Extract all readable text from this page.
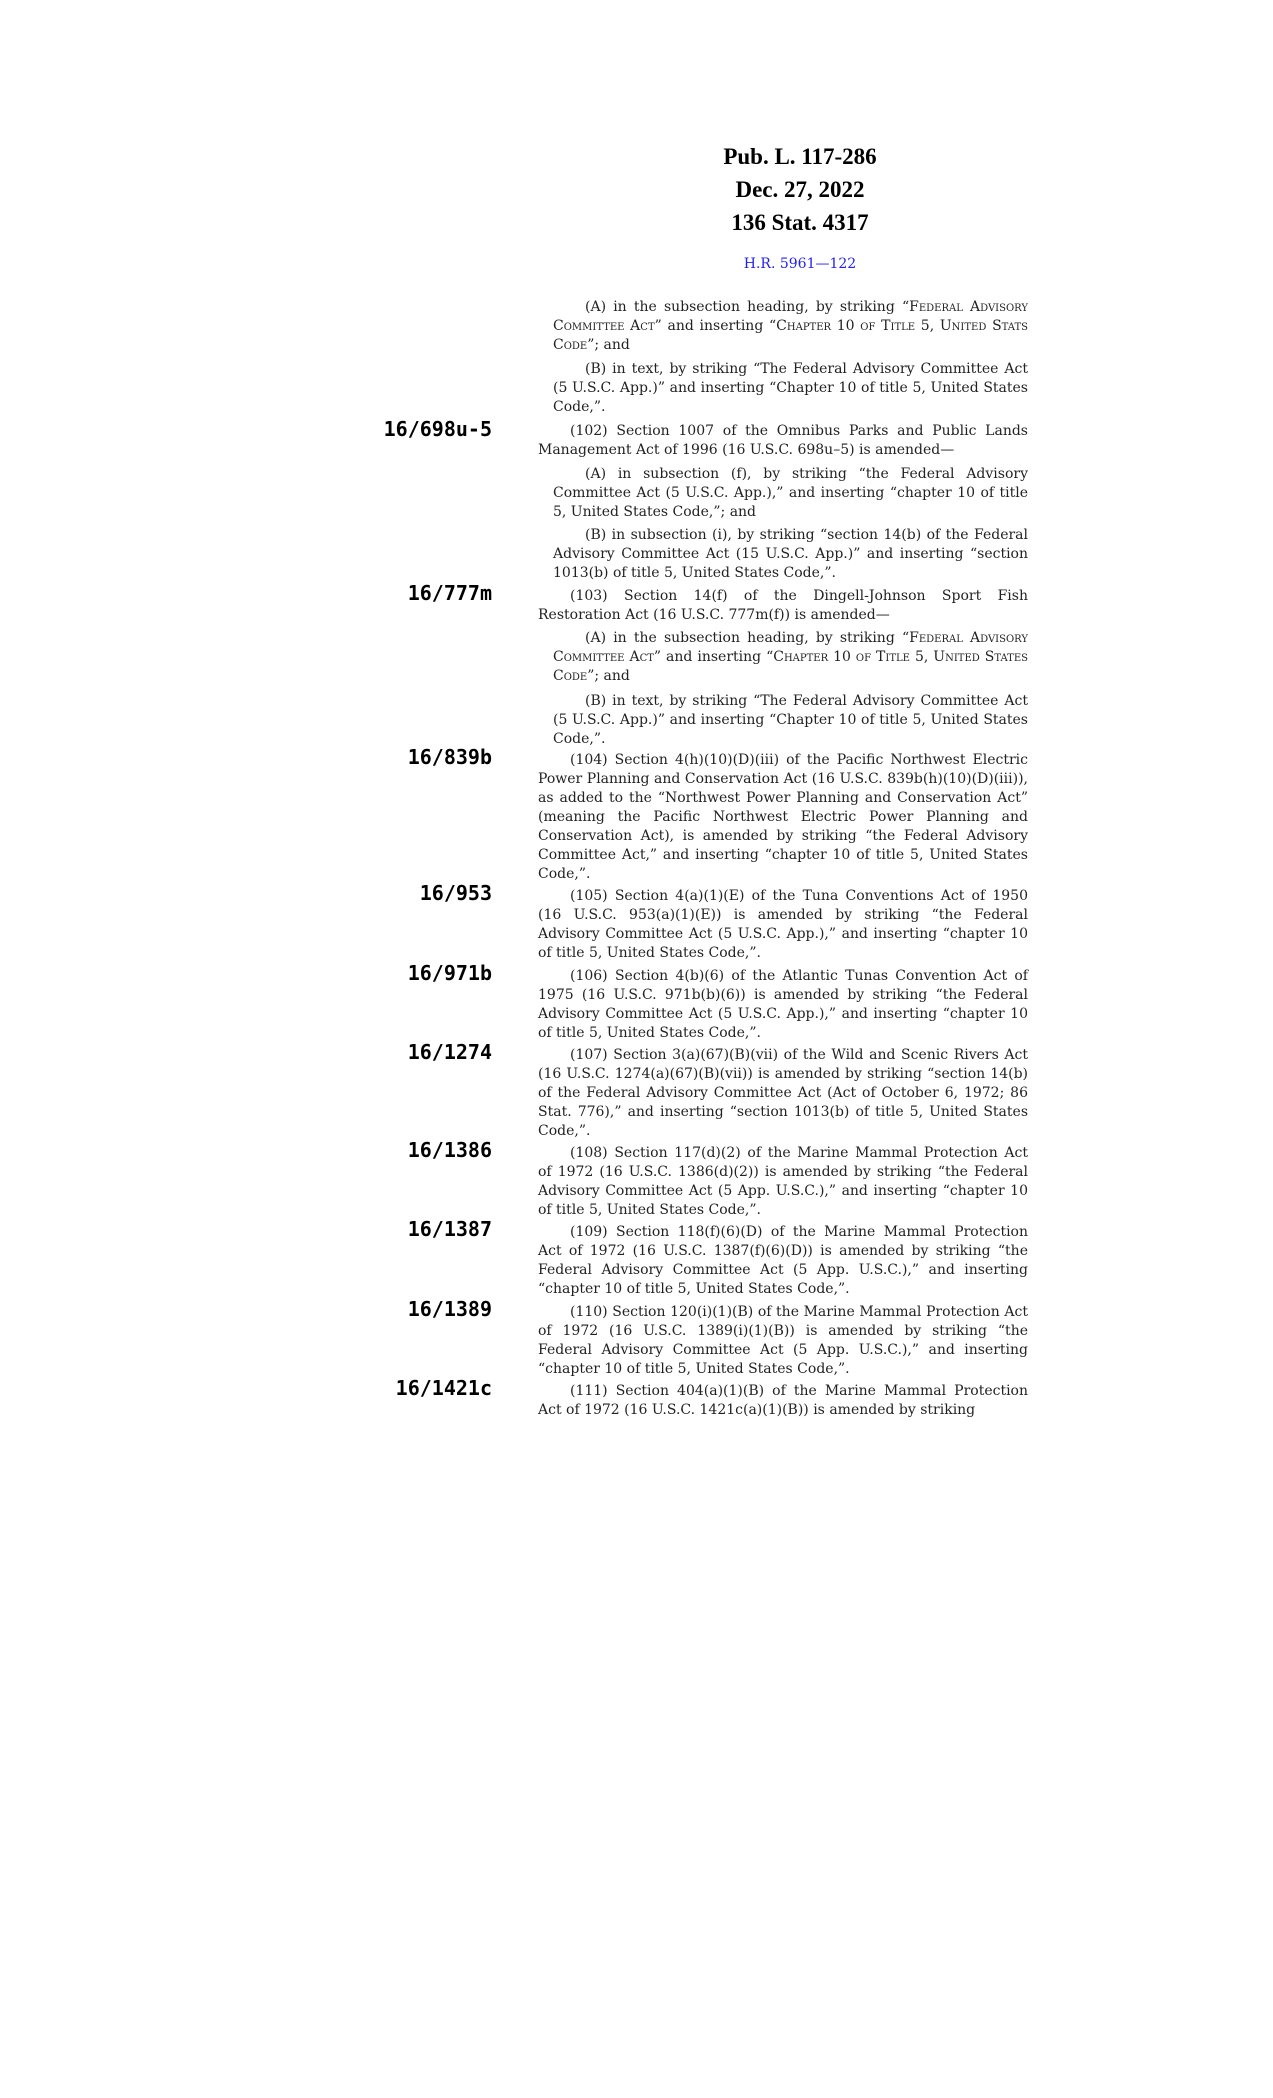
Pub. L. 117-286
Dec. 27, 2022
136 Stat. 4317
H.R. 5961—122
(A) in the subsection heading, by striking “Federal Advisory Committee Act” and inserting “Chapter 10 of Title 5, United Stats Code”; and
(B) in text, by striking “The Federal Advisory Committee Act (5 U.S.C. App.)” and inserting “Chapter 10 of title 5, United States Code,”.
16/698u-5	(102) Section 1007 of the Omnibus Parks and Public Lands Management Act of 1996 (16 U.S.C. 698u–5) is amended—
(A) in subsection (f), by striking “the Federal Advisory Committee Act (5 U.S.C. App.),” and inserting “chapter 10 of title 5, United States Code,”; and
(B) in subsection (i), by striking “section 14(b) of the Federal Advisory Committee Act (15 U.S.C. App.)” and inserting “section 1013(b) of title 5, United States Code,”.
16/777m	(103) Section 14(f) of the Dingell-Johnson Sport Fish Restoration Act (16 U.S.C. 777m(f)) is amended—
(A) in the subsection heading, by striking “Federal Advisory Committee Act” and inserting “Chapter 10 of Title 5, United States Code”; and
(B) in text, by striking “The Federal Advisory Committee Act (5 U.S.C. App.)” and inserting “Chapter 10 of title 5, United States Code,”.
16/839b	(104) Section 4(h)(10)(D)(iii) of the Pacific Northwest Electric Power Planning and Conservation Act (16 U.S.C. 839b(h)(10)(D)(iii)), as added to the “Northwest Power Planning and Conservation Act” (meaning the Pacific Northwest Electric Power Planning and Conservation Act), is amended by striking “the Federal Advisory Committee Act,” and inserting “chapter 10 of title 5, United States Code,”.
16/953	(105) Section 4(a)(1)(E) of the Tuna Conventions Act of 1950 (16 U.S.C. 953(a)(1)(E)) is amended by striking “the Federal Advisory Committee Act (5 U.S.C. App.),” and inserting “chapter 10 of title 5, United States Code,”.
16/971b	(106) Section 4(b)(6) of the Atlantic Tunas Convention Act of 1975 (16 U.S.C. 971b(b)(6)) is amended by striking “the Federal Advisory Committee Act (5 U.S.C. App.),” and inserting “chapter 10 of title 5, United States Code,”.
16/1274	(107) Section 3(a)(67)(B)(vii) of the Wild and Scenic Rivers Act (16 U.S.C. 1274(a)(67)(B)(vii)) is amended by striking “section 14(b) of the Federal Advisory Committee Act (Act of October 6, 1972; 86 Stat. 776),” and inserting “section 1013(b) of title 5, United States Code,”.
16/1386	(108) Section 117(d)(2) of the Marine Mammal Protection Act of 1972 (16 U.S.C. 1386(d)(2)) is amended by striking “the Federal Advisory Committee Act (5 App. U.S.C.),” and inserting “chapter 10 of title 5, United States Code,”.
16/1387	(109) Section 118(f)(6)(D) of the Marine Mammal Protection Act of 1972 (16 U.S.C. 1387(f)(6)(D)) is amended by striking “the Federal Advisory Committee Act (5 App. U.S.C.),” and inserting “chapter 10 of title 5, United States Code,”.
16/1389	(110) Section 120(i)(1)(B) of the Marine Mammal Protection Act of 1972 (16 U.S.C. 1389(i)(1)(B)) is amended by striking “the Federal Advisory Committee Act (5 App. U.S.C.),” and inserting “chapter 10 of title 5, United States Code,”.
16/1421c	(111) Section 404(a)(1)(B) of the Marine Mammal Protection Act of 1972 (16 U.S.C. 1421c(a)(1)(B)) is amended by striking
